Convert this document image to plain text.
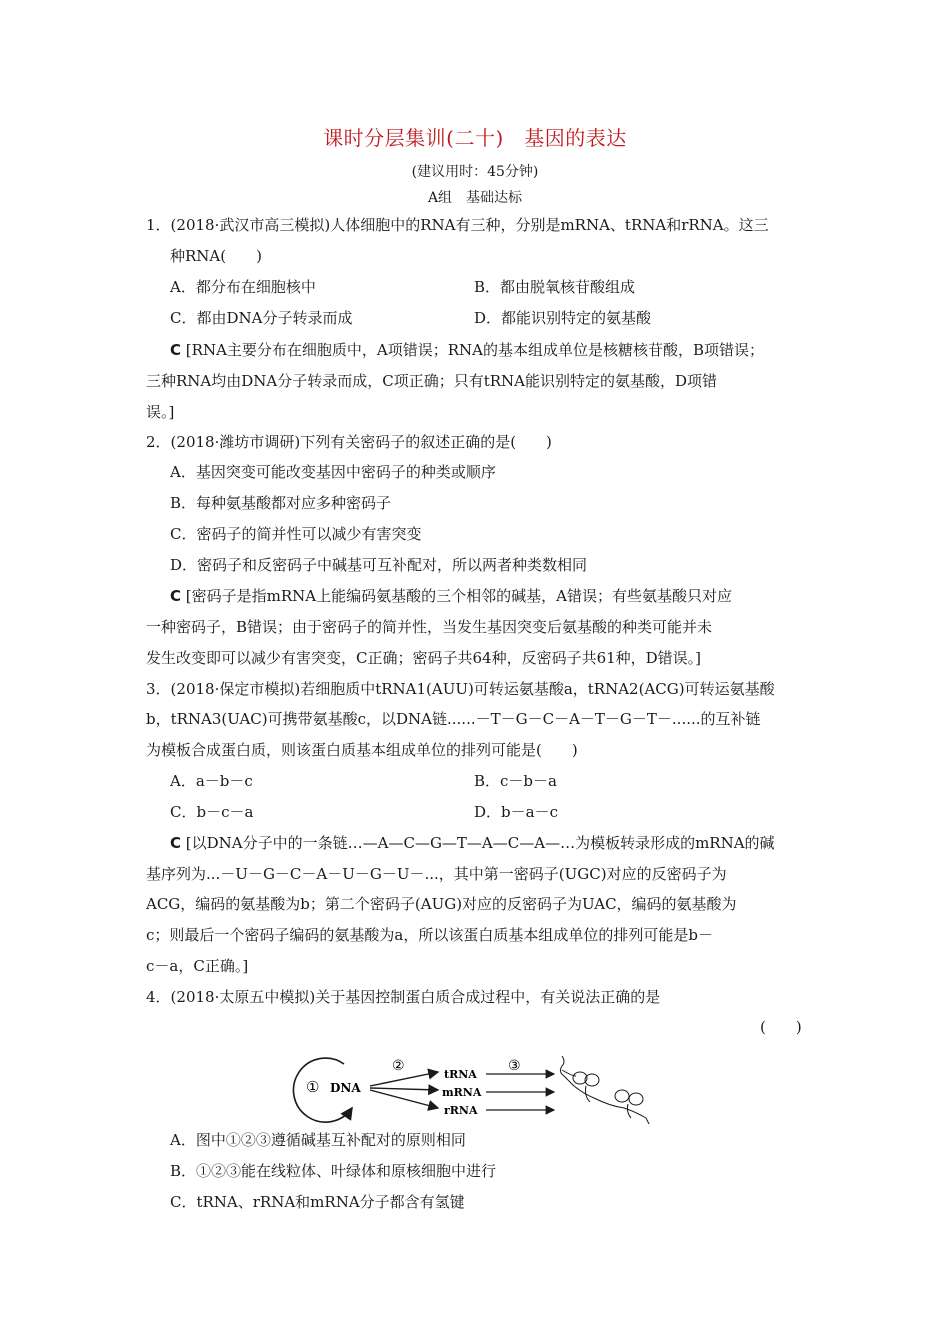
课时分层集训(二十)　基因的表达
(建议用时：45分钟)
A组　基础达标
1．(2018·武汉市高三模拟)人体细胞中的RNA有三种，分别是mRNA、tRNA和rRNA。这三
种RNA(　　)
A．都分布在细胞核中	B．都由脱氧核苷酸组成
C．都由DNA分子转录而成	D．都能识别特定的氨基酸
C [RNA主要分布在细胞质中，A项错误；RNA的基本组成单位是核糖核苷酸，B项错误；
三种RNA均由DNA分子转录而成，C项正确；只有tRNA能识别特定的氨基酸，D项错
误。]
2．(2018·潍坊市调研)下列有关密码子的叙述正确的是(　　)
A．基因突变可能改变基因中密码子的种类或顺序
B．每种氨基酸都对应多种密码子
C．密码子的简并性可以减少有害突变
D．密码子和反密码子中碱基可互补配对，所以两者种类数相同
C [密码子是指mRNA上能编码氨基酸的三个相邻的碱基，A错误；有些氨基酸只对应
一种密码子，B错误；由于密码子的简并性，当发生基因突变后氨基酸的种类可能并未
发生改变即可以减少有害突变，C正确；密码子共64种，反密码子共61种，D错误。]
3．(2018·保定市模拟)若细胞质中tRNA1(AUU)可转运氨基酸a，tRNA2(ACG)可转运氨基酸
b，tRNA3(UAC)可携带氨基酸c，以DNA链......－T－G－C－A－T－G－T－......的互补链
为模板合成蛋白质，则该蛋白质基本组成单位的排列可能是(　　)
A．a－b－c	B．c－b－a
C．b－c－a	D．b－a－c
C [以DNA分子中的一条链…—A—C—G—T—A—C—A—…为模板转录形成的mRNA的碱
基序列为...－U－G－C－A－U－G－U－...，其中第一密码子(UGC)对应的反密码子为
ACG，编码的氨基酸为b；第二个密码子(AUG)对应的反密码子为UAC，编码的氨基酸为
c；则最后一个密码子编码的氨基酸为a，所以该蛋白质基本组成单位的排列可能是b－
c－a，C正确。]
4．(2018·太原五中模拟)关于基因控制蛋白质合成过程中，有关说法正确的是
(　　)
① DNA
②
tRNA
mRNA
rRNA
③
A．图中①②③遵循碱基互补配对的原则相同
B．①②③能在线粒体、叶绿体和原核细胞中进行
C．tRNA、rRNA和mRNA分子都含有氢键
